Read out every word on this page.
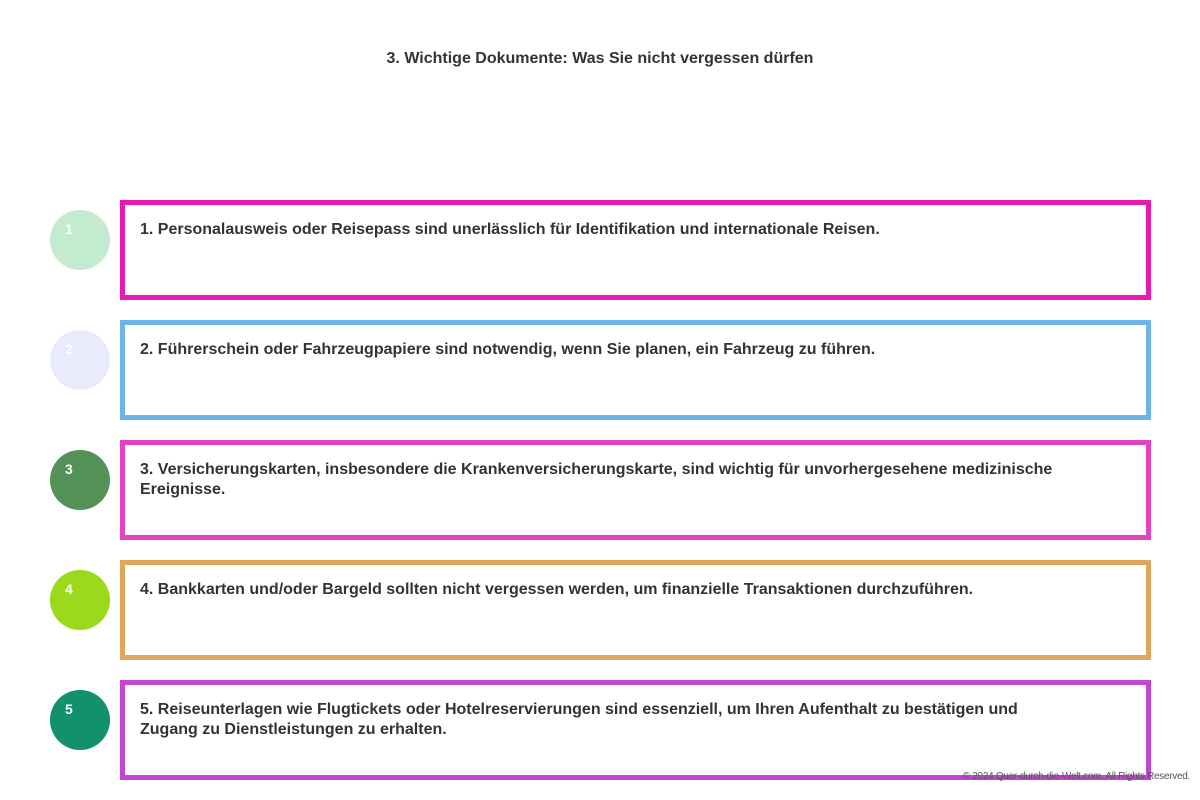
3. Wichtige Dokumente: Was Sie nicht vergessen dürfen
1	1. Personalausweis oder Reisepass sind unerlässlich für Identifikation und internationale Reisen.
2	2. Führerschein oder Fahrzeugpapiere sind notwendig, wenn Sie planen, ein Fahrzeug zu führen.
3	3. Versicherungskarten, insbesondere die Krankenversicherungskarte, sind wichtig für unvorhergesehene medizinische Ereignisse.
4	4. Bankkarten und/oder Bargeld sollten nicht vergessen werden, um finanzielle Transaktionen durchzuführen.
5	5. Reiseunterlagen wie Flugtickets oder Hotelreservierungen sind essenziell, um Ihren Aufenthalt zu bestätigen und Zugang zu Dienstleistungen zu erhalten.
© 2024 Quer-durch-die-Welt.com. All Rights Reserved.
